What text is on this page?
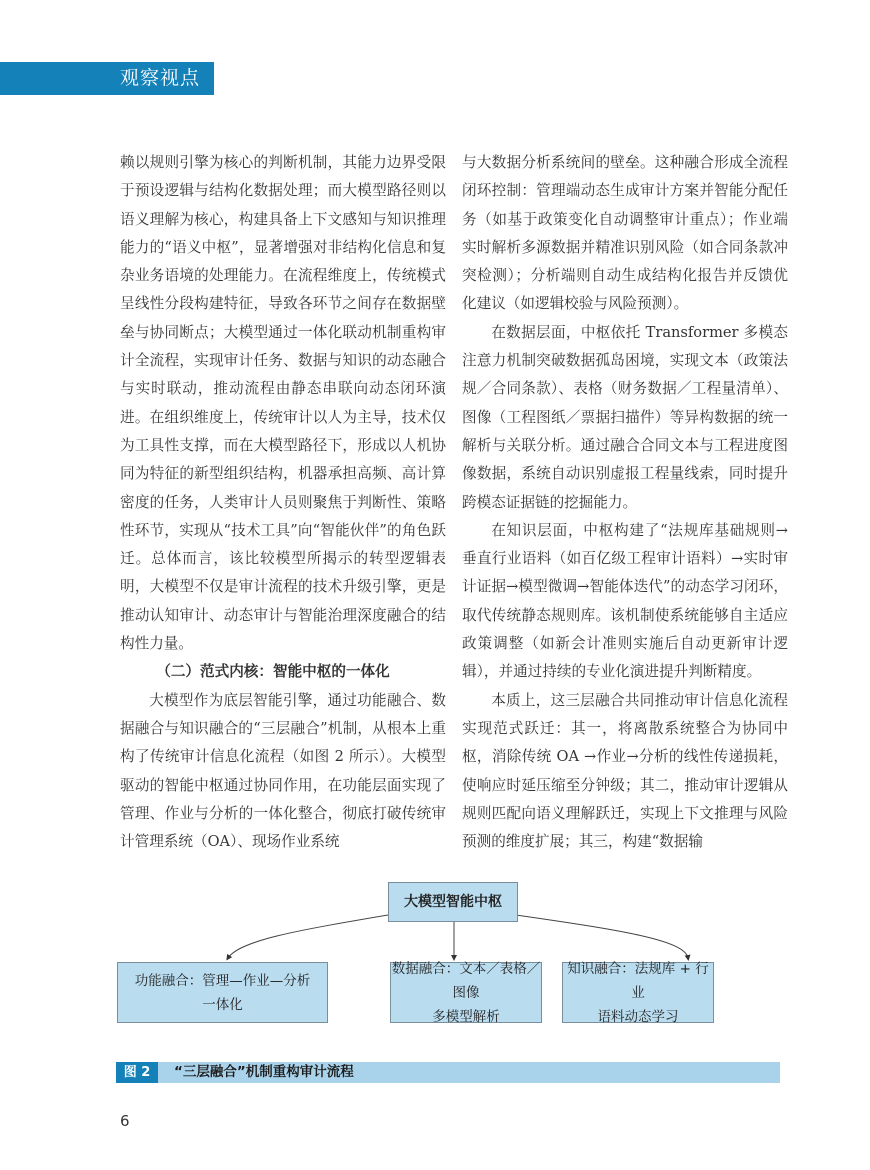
观察视点

赖以规则引擎为核心的判断机制，其能力边界受限于预设逻辑与结构化数据处理；而大模型路径则以语义理解为核心，构建具备上下文感知与知识推理能力的“语义中枢”，显著增强对非结构化信息和复杂业务语境的处理能力。在流程维度上，传统模式呈线性分段构建特征，导致各环节之间存在数据壁垒与协同断点；大模型通过一体化联动机制重构审计全流程，实现审计任务、数据与知识的动态融合与实时联动，推动流程由静态串联向动态闭环演进。在组织维度上，传统审计以人为主导，技术仅为工具性支撑，而在大模型路径下，形成以人机协同为特征的新型组织结构，机器承担高频、高计算密度的任务，人类审计人员则聚焦于判断性、策略性环节，实现从“技术工具”向“智能伙伴”的角色跃迁。总体而言，该比较模型所揭示的转型逻辑表明，大模型不仅是审计流程的技术升级引擎，更是推动认知审计、动态审计与智能治理深度融合的结构性力量。

（二）范式内核：智能中枢的一体化

大模型作为底层智能引擎，通过功能融合、数据融合与知识融合的“三层融合”机制，从根本上重构了传统审计信息化流程（如图 2 所示）。大模型驱动的智能中枢通过协同作用，在功能层面实现了管理、作业与分析的一体化整合，彻底打破传统审计管理系统（OA）、现场作业系统

与大数据分析系统间的壁垒。这种融合形成全流程闭环控制：管理端动态生成审计方案并智能分配任务（如基于政策变化自动调整审计重点）；作业端实时解析多源数据并精准识别风险（如合同条款冲突检测）；分析端则自动生成结构化报告并反馈优化建议（如逻辑校验与风险预测）。

在数据层面，中枢依托 Transformer 多模态注意力机制突破数据孤岛困境，实现文本（政策法规／合同条款）、表格（财务数据／工程量清单）、图像（工程图纸／票据扫描件）等异构数据的统一解析与关联分析。通过融合合同文本与工程进度图像数据，系统自动识别虚报工程量线索，同时提升跨模态证据链的挖掘能力。

在知识层面，中枢构建了“法规库基础规则→垂直行业语料（如百亿级工程审计语料）→实时审计证据→模型微调→智能体迭代”的动态学习闭环，取代传统静态规则库。该机制使系统能够自主适应政策调整（如新会计准则实施后自动更新审计逻辑），并通过持续的专业化演进提升判断精度。

本质上，这三层融合共同推动审计信息化流程实现范式跃迁：其一，将离散系统整合为协同中枢，消除传统 OA →作业→分析的线性传递损耗，使响应时延压缩至分钟级；其二，推动审计逻辑从规则匹配向语义理解跃迁，实现上下文推理与风险预测的维度扩展；其三，构建“数据输

大模型智能中枢
功能融合：管理—作业—分析
一体化
数据融合：文本／表格／图像
多模型解析
知识融合：法规库 + 行业
语料动态学习
图 2	“三层融合”机制重构审计流程
6
